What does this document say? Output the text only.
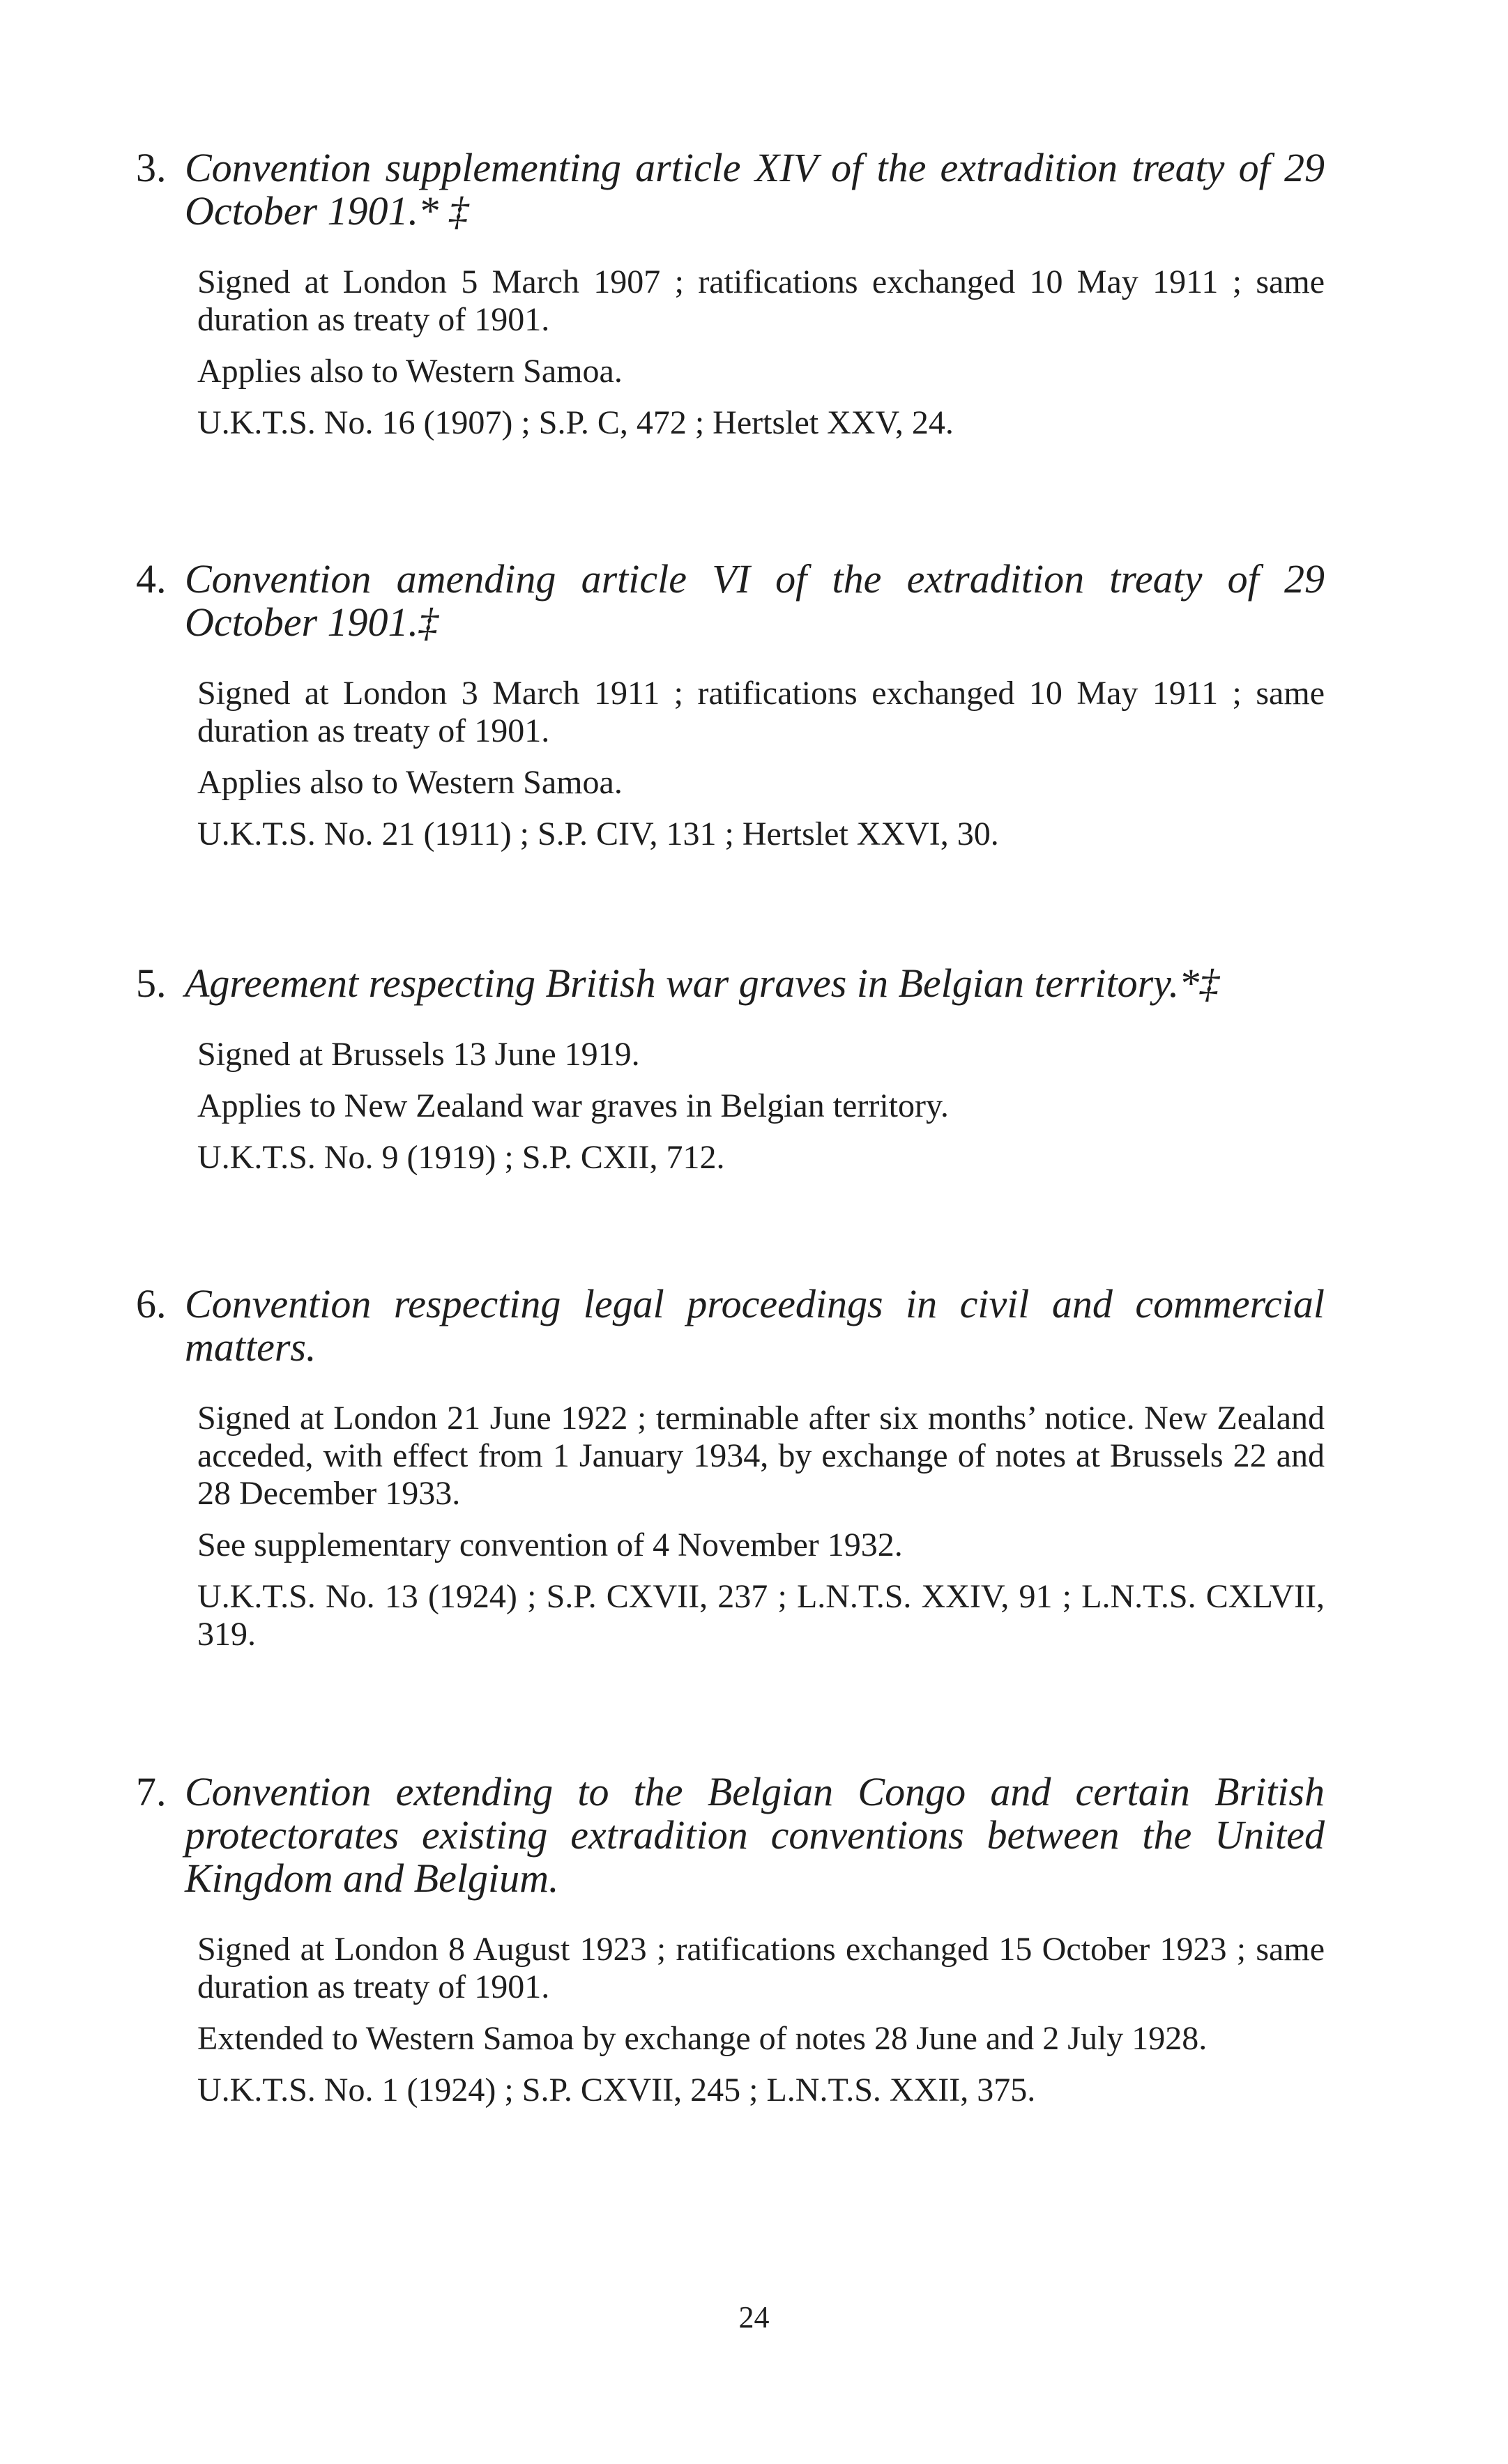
3. Convention supplementing article XIV of the extradition treaty of 29 October 1901.* ‡
Signed at London 5 March 1907 ; ratifications exchanged 10 May 1911 ; same duration as treaty of 1901.
Applies also to Western Samoa.
U.K.T.S. No. 16 (1907) ; S.P. C, 472 ; Hertslet XXV, 24.
4. Convention amending article VI of the extradition treaty of 29 October 1901.‡
Signed at London 3 March 1911 ; ratifications exchanged 10 May 1911 ; same duration as treaty of 1901.
Applies also to Western Samoa.
U.K.T.S. No. 21 (1911) ; S.P. CIV, 131 ; Hertslet XXVI, 30.
5. Agreement respecting British war graves in Belgian territory.*‡
Signed at Brussels 13 June 1919.
Applies to New Zealand war graves in Belgian territory.
U.K.T.S. No. 9 (1919) ; S.P. CXII, 712.
6. Convention respecting legal proceedings in civil and commercial matters.
Signed at London 21 June 1922 ; terminable after six months’ notice. New Zealand acceded, with effect from 1 January 1934, by exchange of notes at Brussels 22 and 28 December 1933.
See supplementary convention of 4 November 1932.
U.K.T.S. No. 13 (1924) ; S.P. CXVII, 237 ; L.N.T.S. XXIV, 91 ; L.N.T.S. CXLVII, 319.
7. Convention extending to the Belgian Congo and certain British protectorates existing extradition conventions between the United Kingdom and Belgium.
Signed at London 8 August 1923 ; ratifications exchanged 15 October 1923 ; same duration as treaty of 1901.
Extended to Western Samoa by exchange of notes 28 June and 2 July 1928.
U.K.T.S. No. 1 (1924) ; S.P. CXVII, 245 ; L.N.T.S. XXII, 375.
24
